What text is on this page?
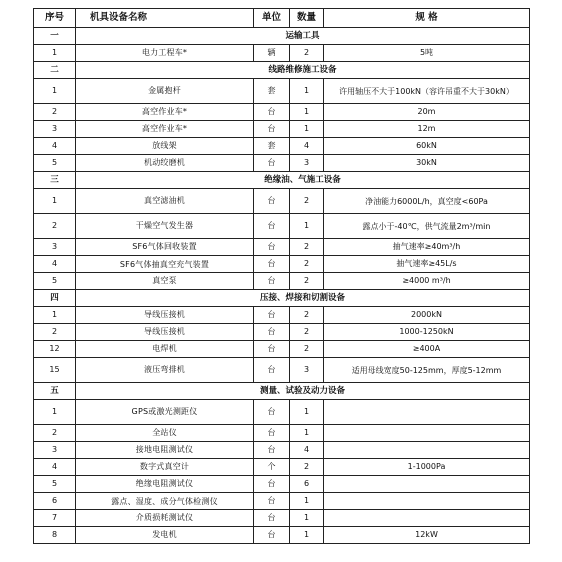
序号	机具设备名称	单位	数量	规 格
一	运输工具			
1	电力工程车*	辆	2	5吨
二	线路维修施工设备			
1	金属抱杆	套	1	许用轴压不大于100kN（容许吊重不大于30kN）
2	高空作业车*	台	1	20m
3	高空作业车*	台	1	12m
4	放线架	套	4	60kN
5	机动绞磨机	台	3	30kN
三	绝缘油、气施工设备			
1	真空滤油机	台	2	净油能力6000L/h，真空度<60Pa
2	干燥空气发生器	台	1	露点小于-40℃，供气流量2m³/min
3	SF6气体回收装置	台	2	抽气速率≥40m³/h
4	SF6气体抽真空充气装置	台	2	抽气速率≥45L/s
5	真空泵	台	2	≥4000 m³/h
四	压接、焊接和切割设备			
1	导线压接机	台	2	2000kN
2	导线压接机	台	2	1000-1250kN
12	电焊机	台	2	≥400A
15	液压弯排机	台	3	适用母线宽度50-125mm，厚度5-12mm
五	测量、试验及动力设备			
1	GPS或激光测距仪	台	1	
2	全站仪	台	1	
3	接地电阻测试仪	台	4	
4	数字式真空计	个	2	1-1000Pa
5	绝缘电阻测试仪	台	6	
6	露点、湿度、成分气体检测仪	台	1	
7	介质损耗测试仪	台	1	
8	发电机	台	1	12kW
